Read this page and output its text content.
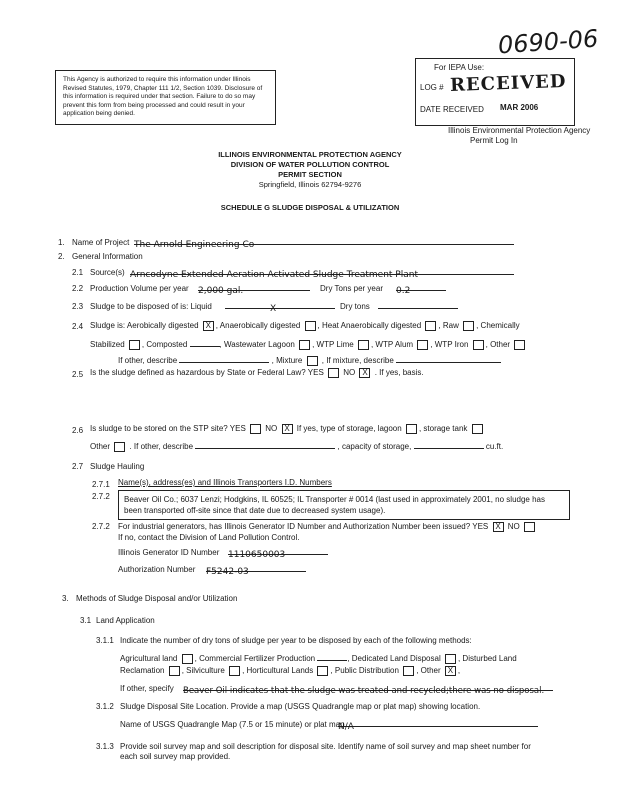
0690-06
This Agency is authorized to require this information under Illinois Revised Statutes, 1979, Chapter 111 1/2, Section 1039. Disclosure of this information is required under that section. Failure to do so may prevent this form from being processed and could result in your application being denied.
For IEPA Use:
LOG # RECEIVED
DATE RECEIVED MAR 2006
Illinois Environmental Protection Agency
Permit Log In
ILLINOIS ENVIRONMENTAL PROTECTION AGENCY
DIVISION OF WATER POLLUTION CONTROL
PERMIT SECTION
Springfield, Illinois 62794-9276
SCHEDULE G SLUDGE DISPOSAL & UTILIZATION
1. Name of Project The Arnold Engineering Co
2. General Information
2.1 Source(s) Arncodyne Extended Aeration Activated Sludge Treatment Plant
2.2 Production Volume per year 2,000 gal.	Dry Tons per year 0.2
2.3 Sludge to be disposed of is: Liquid	X	Dry tons
2.4 Sludge is: Aerobically digested X , Anaerobically digested , Heat Anaerobically digested , Raw , Chemically
Stabilized , Composted	, Wastewater Lagoon , WTP Lime , WTP Alum , WTP Iron , Other
If other, describe	, Mixture  , If mixture, describe
2.5 Is the sludge defined as hazardous by State or Federal Law? YES NO X . If yes, basis.
2.6 Is sludge to be stored on the STP site? YES NO X If yes, type of storage, lagoon , storage tank
Other  . If other, describe	, capacity of storage,	cu.ft.
2.7 Sludge Hauling
2.7.1 Name(s), address(es) and Illinois Transporters I.D. Numbers
Beaver Oil Co.; 6037 Lenzi; Hodgkins, IL 60525; IL Transporter # 0014 (last used in approximately 2001, no sludge has been transported off-site since that date due to decreased system usage).
2.7.2
For industrial generators, has Illinois Generator ID Number and Authorization Number been issued? YES X NO
2.7.2
If no, contact the Division of Land Pollution Control.
Illinois Generator ID Number 1110650003
Authorization Number F5242-03
3. Methods of Sludge Disposal and/or Utilization
3.1 Land Application
3.1.1 Indicate the number of dry tons of sludge per year to be disposed by each of the following methods:
Agricultural land , Commercial Fertilizer Production	, Dedicated Land Disposal , Disturbed Land
Reclamation , Silviculture , Horticultural Lands , Public Distribution , Other X ,
If other, specify Beaver Oil indicates that the sludge was treated and recycled;there was no disposal.
3.1.2 Sludge Disposal Site Location. Provide a map (USGS Quadrangle map or plat map) showing location.
Name of USGS Quadrangle Map (7.5 or 15 minute) or plat map
N/A
3.1.3 Provide soil survey map and soil description for disposal site. Identify name of soil survey and map sheet number for
each soil survey map provided.
